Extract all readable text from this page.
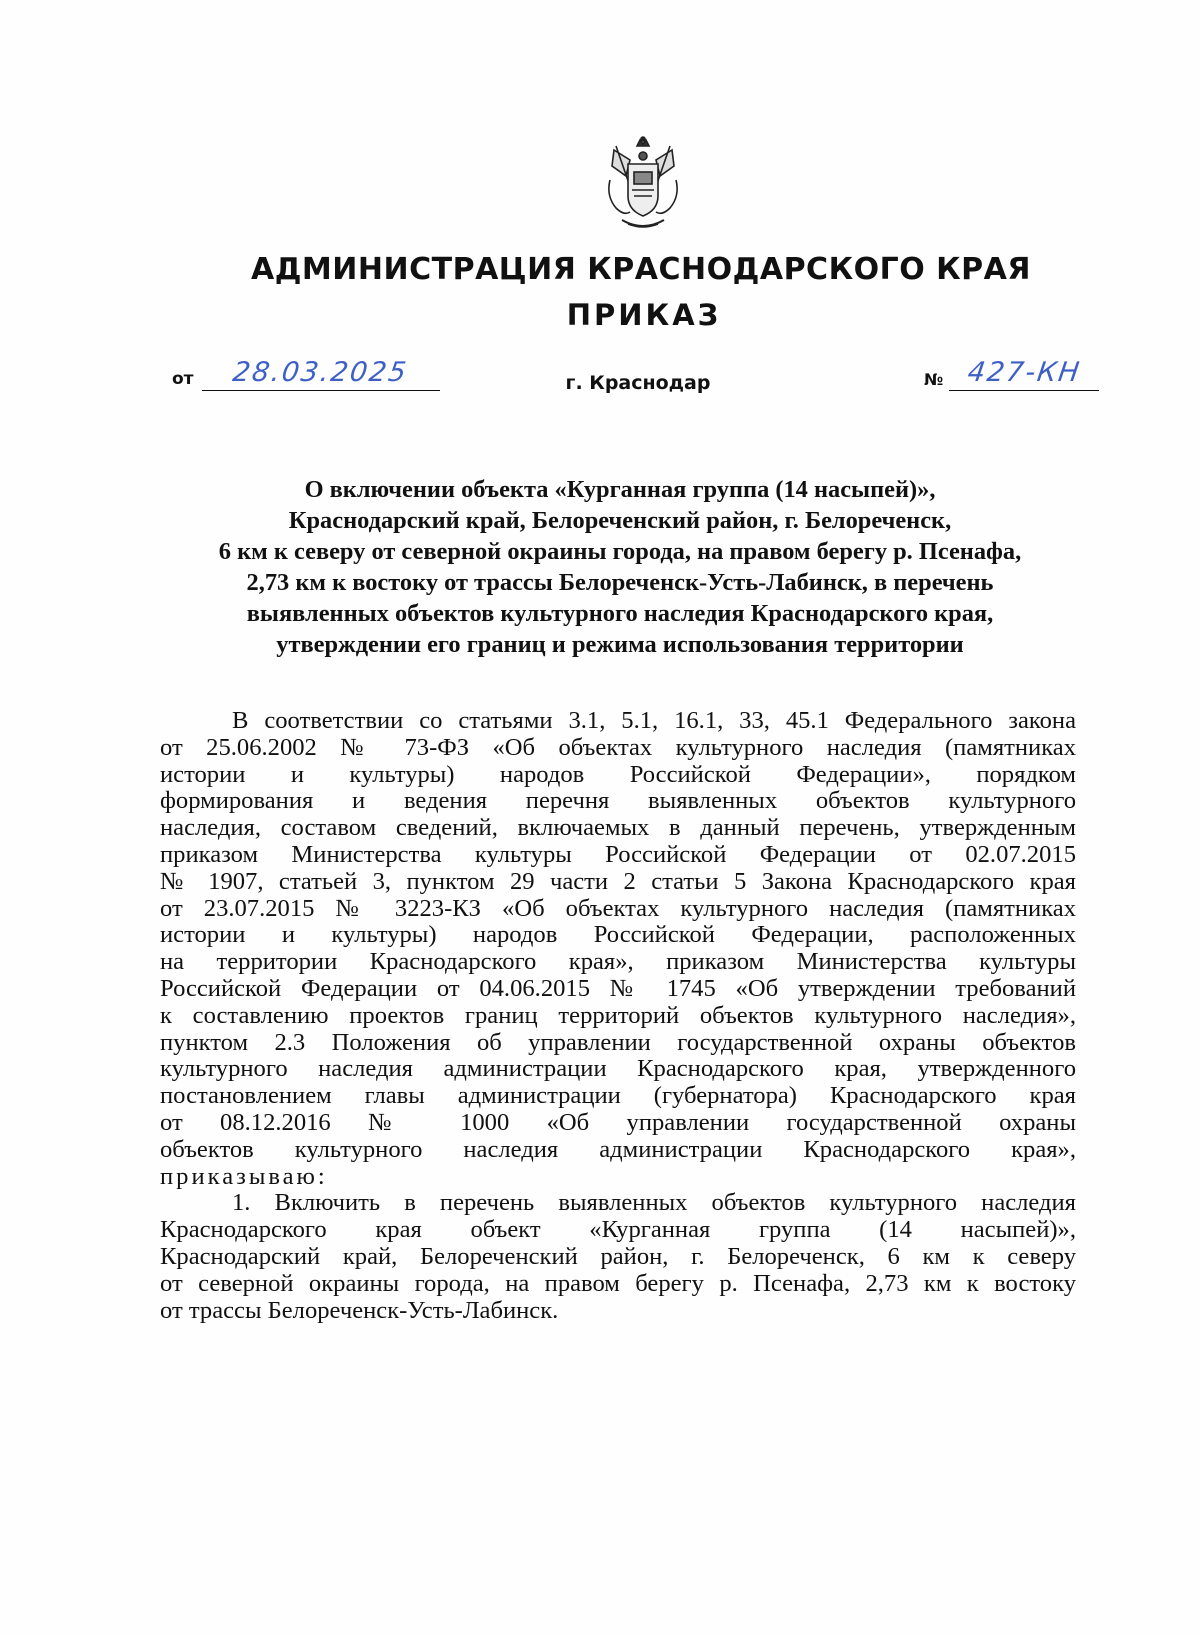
АДМИНИСТРАЦИЯ КРАСНОДАРСКОГО КРАЯ
ПРИКАЗ
от 28.03.2025	№ 427-КН
г. Краснодар
О включении объекта «Курганная группа (14 насыпей)»,
Краснодарский край, Белореченский район, г. Белореченск,
6 км к северу от северной окраины города, на правом берегу р. Псенафа,
2,73 км к востоку от трассы Белореченск-Усть-Лабинск, в перечень
выявленных объектов культурного наследия Краснодарского края,
утверждении его границ и режима использования территории
В соответствии со статьями 3.1, 5.1, 16.1, 33, 45.1 Федерального закона
от 25.06.2002 № 73-ФЗ «Об объектах культурного наследия (памятниках
истории и культуры) народов Российской Федерации», порядком
формирования и ведения перечня выявленных объектов культурного
наследия, составом сведений, включаемых в данный перечень, утвержденным
приказом Министерства культуры Российской Федерации от 02.07.2015
№ 1907, статьей 3, пунктом 29 части 2 статьи 5 Закона Краснодарского края
от 23.07.2015 № 3223-КЗ «Об объектах культурного наследия (памятниках
истории и культуры) народов Российской Федерации, расположенных
на территории Краснодарского края», приказом Министерства культуры
Российской Федерации от 04.06.2015 № 1745 «Об утверждении требований
к составлению проектов границ территорий объектов культурного наследия»,
пунктом 2.3 Положения об управлении государственной охраны объектов
культурного наследия администрации Краснодарского края, утвержденного
постановлением главы администрации (губернатора) Краснодарского края
от 08.12.2016 № 1000 «Об управлении государственной охраны
объектов культурного наследия администрации Краснодарского края»,
приказываю:
1. Включить в перечень выявленных объектов культурного наследия
Краснодарского края объект «Курганная группа (14 насыпей)»,
Краснодарский край, Белореченский район, г. Белореченск, 6 км к северу
от северной окраины города, на правом берегу р. Псенафа, 2,73 км к востоку
от трассы Белореченск-Усть-Лабинск.
